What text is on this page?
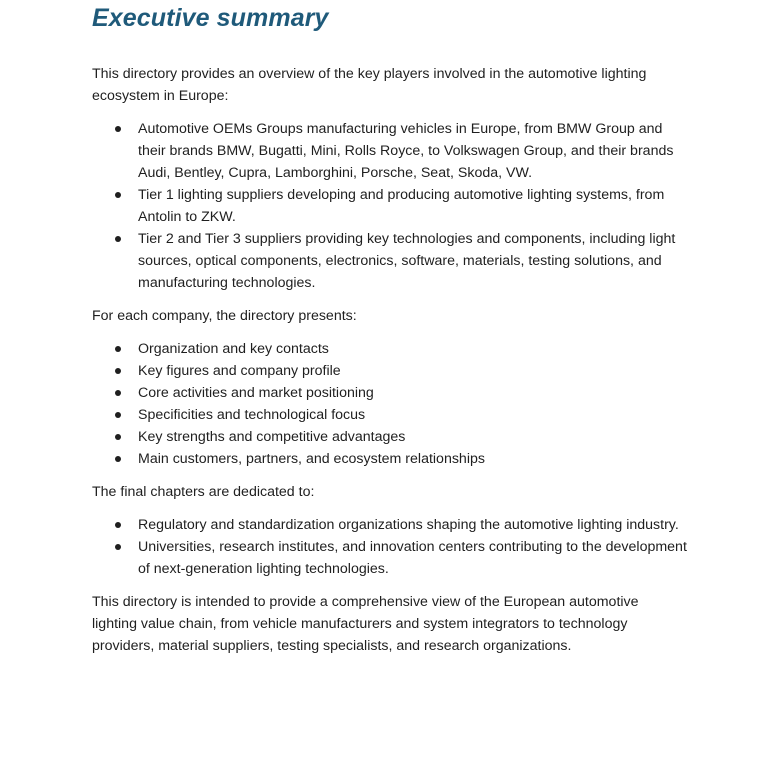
Executive summary

This directory provides an overview of the key players involved in the automotive lighting ecosystem in Europe:

Automotive OEMs Groups manufacturing vehicles in Europe, from BMW Group and their brands BMW, Bugatti, Mini, Rolls Royce, to Volkswagen Group, and their brands Audi, Bentley, Cupra, Lamborghini, Porsche, Seat, Skoda, VW.
Tier 1 lighting suppliers developing and producing automotive lighting systems, from Antolin to ZKW.
Tier 2 and Tier 3 suppliers providing key technologies and components, including light sources, optical components, electronics, software, materials, testing solutions, and manufacturing technologies.

For each company, the directory presents:

Organization and key contacts
Key figures and company profile
Core activities and market positioning
Specificities and technological focus
Key strengths and competitive advantages
Main customers, partners, and ecosystem relationships

The final chapters are dedicated to:

Regulatory and standardization organizations shaping the automotive lighting industry.
Universities, research institutes, and innovation centers contributing to the development of next-generation lighting technologies.

This directory is intended to provide a comprehensive view of the European automotive lighting value chain, from vehicle manufacturers and system integrators to technology providers, material suppliers, testing specialists, and research organizations.
